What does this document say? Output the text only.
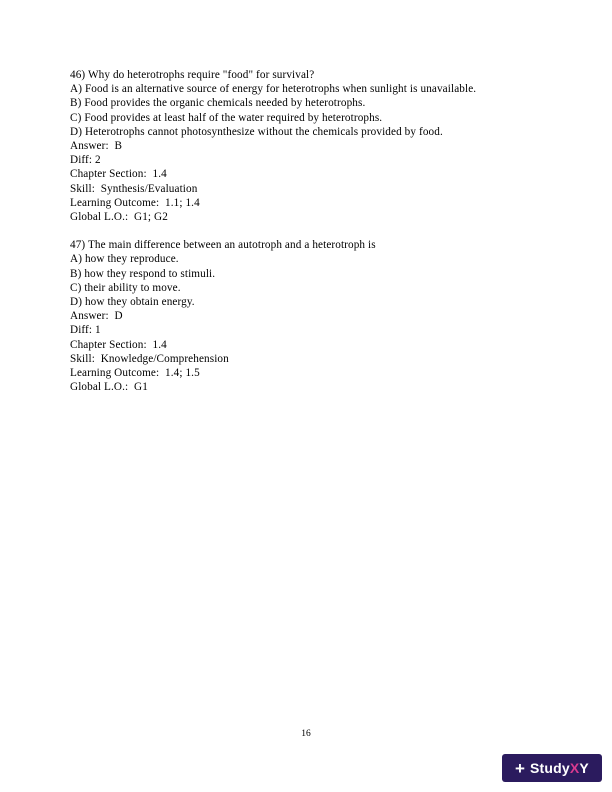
46) Why do heterotrophs require "food" for survival?
A) Food is an alternative source of energy for heterotrophs when sunlight is unavailable.
B) Food provides the organic chemicals needed by heterotrophs.
C) Food provides at least half of the water required by heterotrophs.
D) Heterotrophs cannot photosynthesize without the chemicals provided by food.
Answer:  B
Diff: 2
Chapter Section:  1.4
Skill:  Synthesis/Evaluation
Learning Outcome:  1.1; 1.4
Global L.O.:  G1; G2
47) The main difference between an autotroph and a heterotroph is
A) how they reproduce.
B) how they respond to stimuli.
C) their ability to move.
D) how they obtain energy.
Answer:  D
Diff: 1
Chapter Section:  1.4
Skill:  Knowledge/Comprehension
Learning Outcome:  1.4; 1.5
Global L.O.:  G1
16
+ StudyXY
